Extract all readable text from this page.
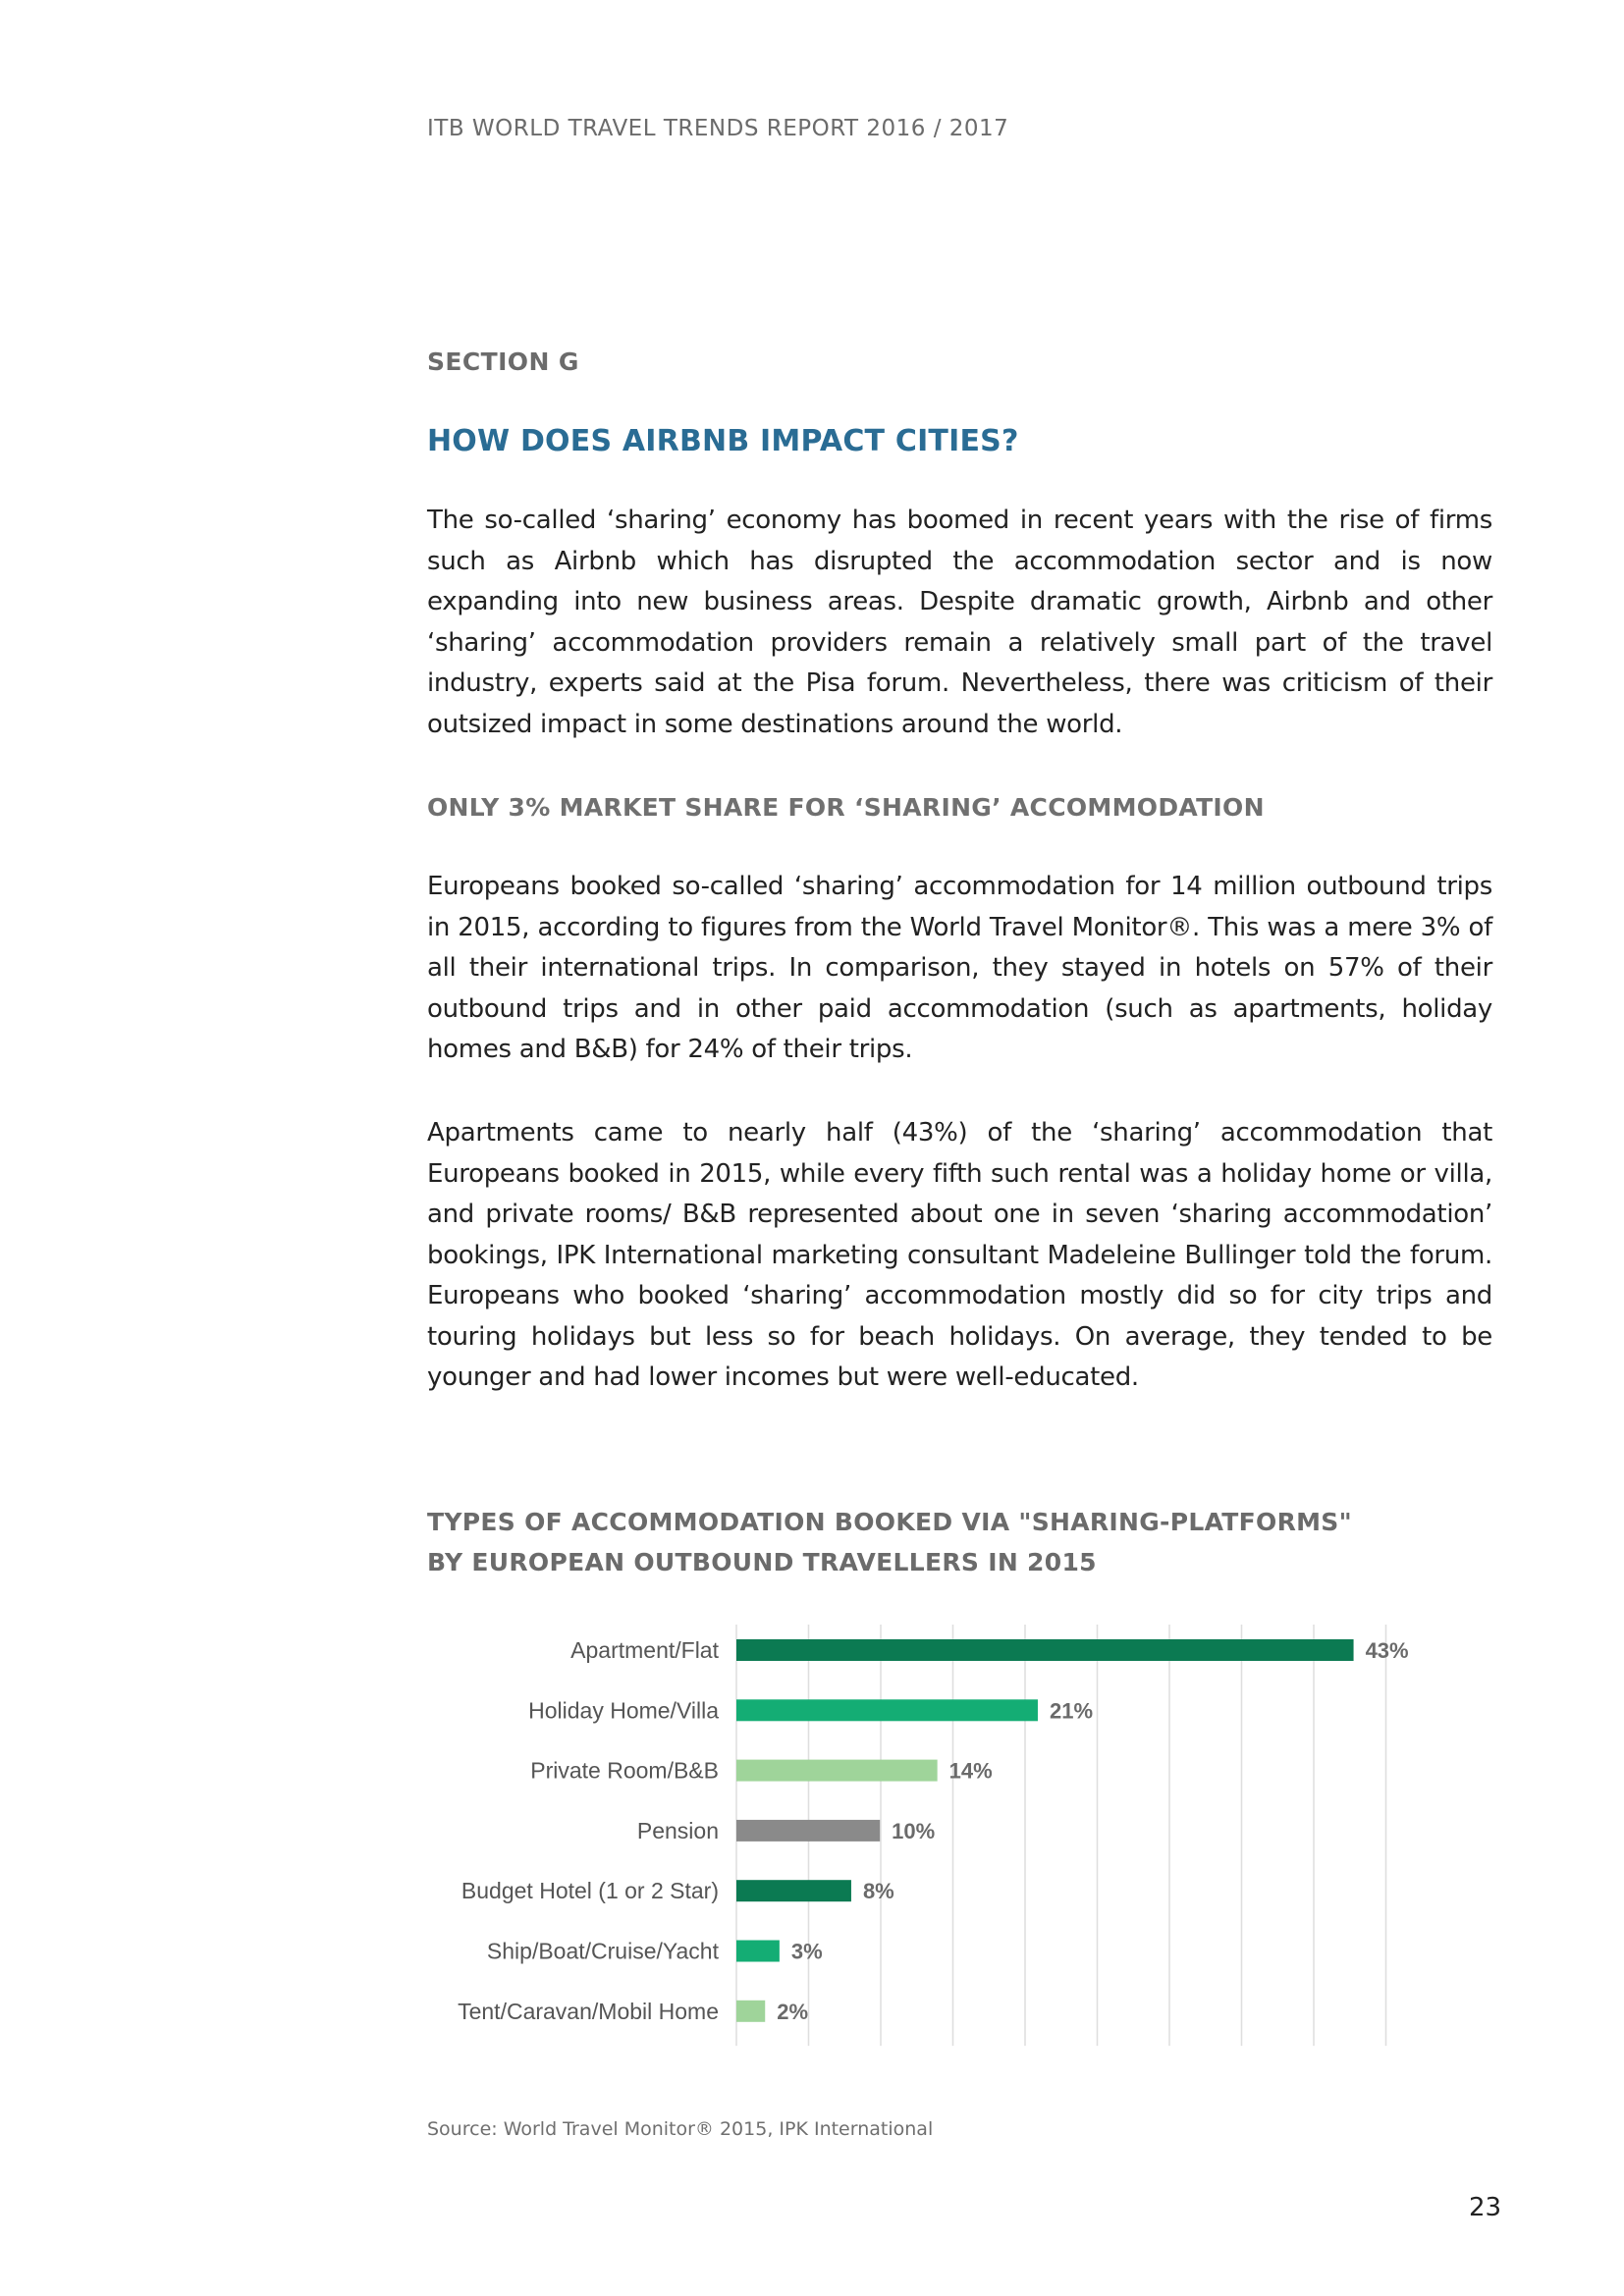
ITB WORLD TRAVEL TRENDS REPORT 2016 / 2017
SECTION G
HOW DOES AIRBNB IMPACT CITIES?

The so-called ‘sharing’ economy has boomed in recent years with the rise of firms such as Airbnb which has disrupted the accommodation sector and is now expanding into new business areas. Despite dramatic growth, Airbnb and other ‘sharing’ accommodation providers remain a relatively small part of the travel industry, experts said at the Pisa forum. Nevertheless, there was criticism of their outsized impact in some destinations around the world.

ONLY 3% MARKET SHARE FOR ‘SHARING’ ACCOMMODATION

Europeans booked so-called ‘sharing’ accommodation for 14 million outbound trips in 2015, according to figures from the World Travel Monitor®. This was a mere 3% of all their international trips. In comparison, they stayed in hotels on 57% of their outbound trips and in other paid accommodation (such as apartments, holiday homes and B&B) for 24% of their trips.

Apartments came to nearly half (43%) of the ‘sharing’ accommodation that Europeans booked in 2015, while every fifth such rental was a holiday home or villa, and private rooms/ B&B represented about one in seven ‘sharing accommodation’ bookings, IPK International marketing consultant Madeleine Bullinger told the forum. Europeans who booked ‘sharing’ accommodation mostly did so for city trips and touring holidays but less so for beach holidays. On average, they tended to be younger and had lower incomes but were well-educated.

TYPES OF ACCOMMODATION BOOKED VIA "SHARING-PLATFORMS"
BY EUROPEAN OUTBOUND TRAVELLERS IN 2015
Apartment/Flat
Holiday Home/Villa
Private Room/B&B
Pension
Budget Hotel (1 or 2 Star)
Ship/Boat/Cruise/Yacht
Tent/Caravan/Mobil Home
43%
21%
14%
10%
8%
3%
2%
Source: World Travel Monitor® 2015, IPK International
23
